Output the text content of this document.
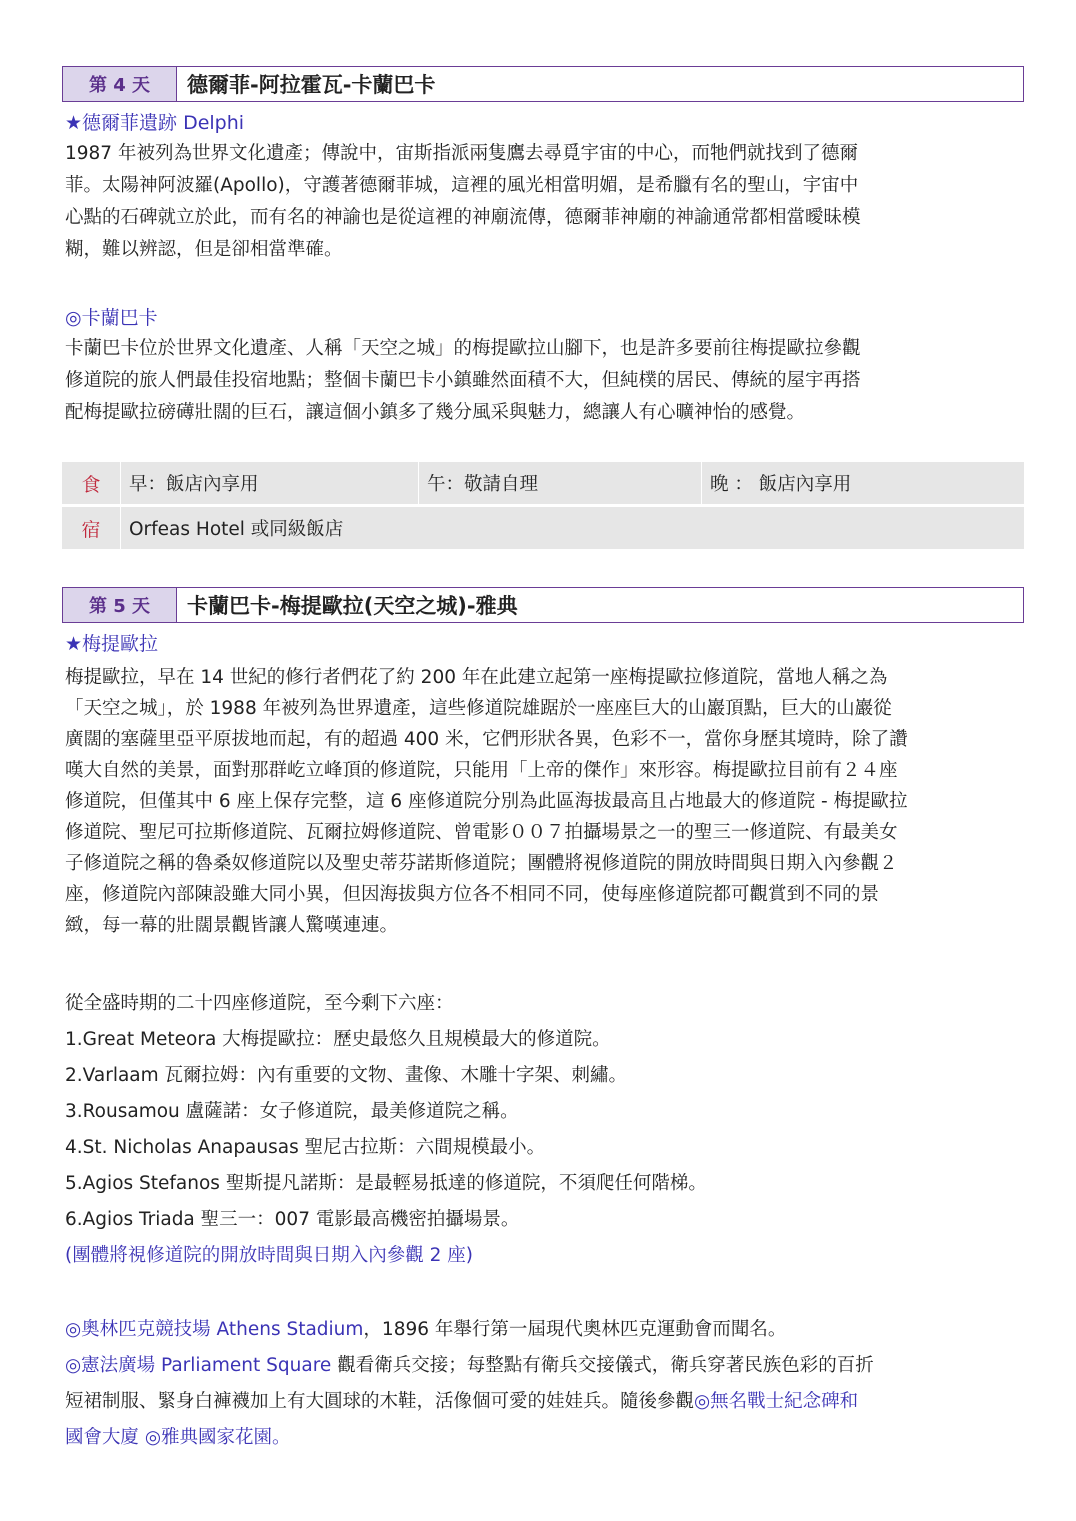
第 4 天	德爾菲-阿拉霍瓦-卡蘭巴卡
★德爾菲遺跡 Delphi
1987 年被列為世界文化遺產；傳說中，宙斯指派兩隻鷹去尋覓宇宙的中心，而牠們就找到了德爾
菲。太陽神阿波羅(Apollo)，守護著德爾菲城，這裡的風光相當明媚，是希臘有名的聖山，宇宙中
心點的石碑就立於此，而有名的神諭也是從這裡的神廟流傳，德爾菲神廟的神諭通常都相當曖昧模
糊，難以辨認，但是卻相當準確。
◎卡蘭巴卡
卡蘭巴卡位於世界文化遺產、人稱「天空之城」的梅提歐拉山腳下，也是許多要前往梅提歐拉參觀
修道院的旅人們最佳投宿地點；整個卡蘭巴卡小鎮雖然面積不大，但純樸的居民、傳統的屋宇再搭
配梅提歐拉磅礡壯闊的巨石，讓這個小鎮多了幾分風采與魅力，總讓人有心曠神怡的感覺。
食	早：飯店內享用	午：敬請自理	晚 ： 飯店內享用
宿	Orfeas Hotel 或同級飯店
第 5 天	卡蘭巴卡-梅提歐拉(天空之城)-雅典
★梅提歐拉
梅提歐拉，早在 14 世紀的修行者們花了約 200 年在此建立起第一座梅提歐拉修道院，當地人稱之為
「天空之城」，於 1988 年被列為世界遺產，這些修道院雄踞於一座座巨大的山巖頂點，巨大的山巖從
廣闊的塞薩里亞平原拔地而起，有的超過 400 米，它們形狀各異，色彩不一，當你身歷其境時，除了讚
嘆大自然的美景，面對那群屹立峰頂的修道院，只能用「上帝的傑作」來形容。梅提歐拉目前有２４座
修道院，但僅其中 6 座上保存完整，這 6 座修道院分別為此區海拔最高且占地最大的修道院 - 梅提歐拉
修道院、聖尼可拉斯修道院、瓦爾拉姆修道院、曾電影００７拍攝場景之一的聖三一修道院、有最美女
子修道院之稱的魯桑奴修道院以及聖史蒂芬諾斯修道院；團體將視修道院的開放時間與日期入內參觀２
座，修道院內部陳設雖大同小異，但因海拔與方位各不相同不同，使每座修道院都可觀賞到不同的景
緻，每一幕的壯闊景觀皆讓人驚嘆連連。
從全盛時期的二十四座修道院，至今剩下六座：
1.Great Meteora 大梅提歐拉：歷史最悠久且規模最大的修道院。
2.Varlaam 瓦爾拉姆：內有重要的文物、畫像、木雕十字架、刺繡。
3.Rousamou 盧薩諾：女子修道院，最美修道院之稱。
4.St. Nicholas Anapausas 聖尼古拉斯：六間規模最小。
5.Agios Stefanos 聖斯提凡諾斯：是最輕易抵達的修道院，不須爬任何階梯。
6.Agios Triada 聖三一：007 電影最高機密拍攝場景。
(團體將視修道院的開放時間與日期入內參觀 2 座)
◎奧林匹克競技場 Athens Stadium，1896 年舉行第一屆現代奧林匹克運動會而聞名。
◎憲法廣場 Parliament Square 觀看衛兵交接；每整點有衛兵交接儀式，衛兵穿著民族色彩的百折
短裙制服、緊身白褲襪加上有大圓球的木鞋，活像個可愛的娃娃兵。隨後參觀◎無名戰士紀念碑和
國會大廈 ◎雅典國家花園。
